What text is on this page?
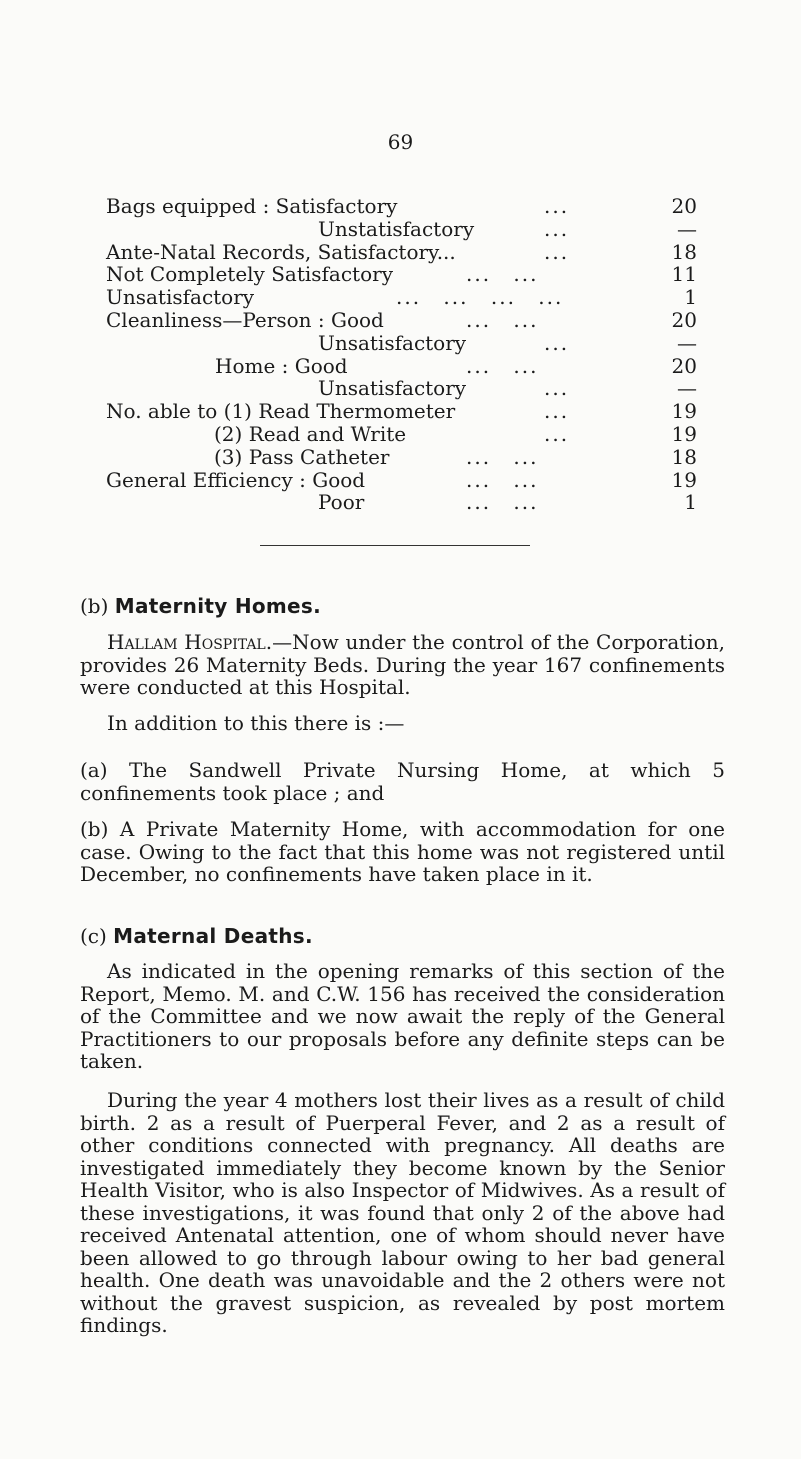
69
Bags equipped : Satisfactory	...	20
Unstatisfactory	...	—
Ante-Natal Records, Satisfactory...	...	18
Not Completely Satisfactory	... ...	11
Unsatisfactory	... ... ... ...	1
Cleanliness—Person : Good	... ...	20
Unsatisfactory	...	—
Home : Good	... ...	20
Unsatisfactory	...	—
No. able to (1) Read Thermometer	...	19
(2) Read and Write	...	19
(3) Pass Catheter	... ...	18
General Efficiency : Good	... ...	19
Poor	... ...	1
(b) Maternity Homes.

Hallam Hospital.—Now under the control of the Corporation, provides 26 Maternity Beds. During the year 167 confinements were conducted at this Hospital.

In addition to this there is :—

(a) The Sandwell Private Nursing Home, at which 5 confinements took place ; and

(b) A Private Maternity Home, with accommodation for one case. Owing to the fact that this home was not registered until December, no confinements have taken place in it.

(c) Maternal Deaths.

As indicated in the opening remarks of this section of the Report, Memo. M. and C.W. 156 has received the consideration of the Committee and we now await the reply of the General Practitioners to our proposals before any definite steps can be taken.

During the year 4 mothers lost their lives as a result of child birth. 2 as a result of Puerperal Fever, and 2 as a result of other conditions connected with pregnancy. All deaths are investigated immediately they become known by the Senior Health Visitor, who is also Inspector of Midwives. As a result of these investigations, it was found that only 2 of the above had received Antenatal attention, one of whom should never have been allowed to go through labour owing to her bad general health. One death was unavoidable and the 2 others were not without the gravest suspicion, as revealed by post mortem findings.
